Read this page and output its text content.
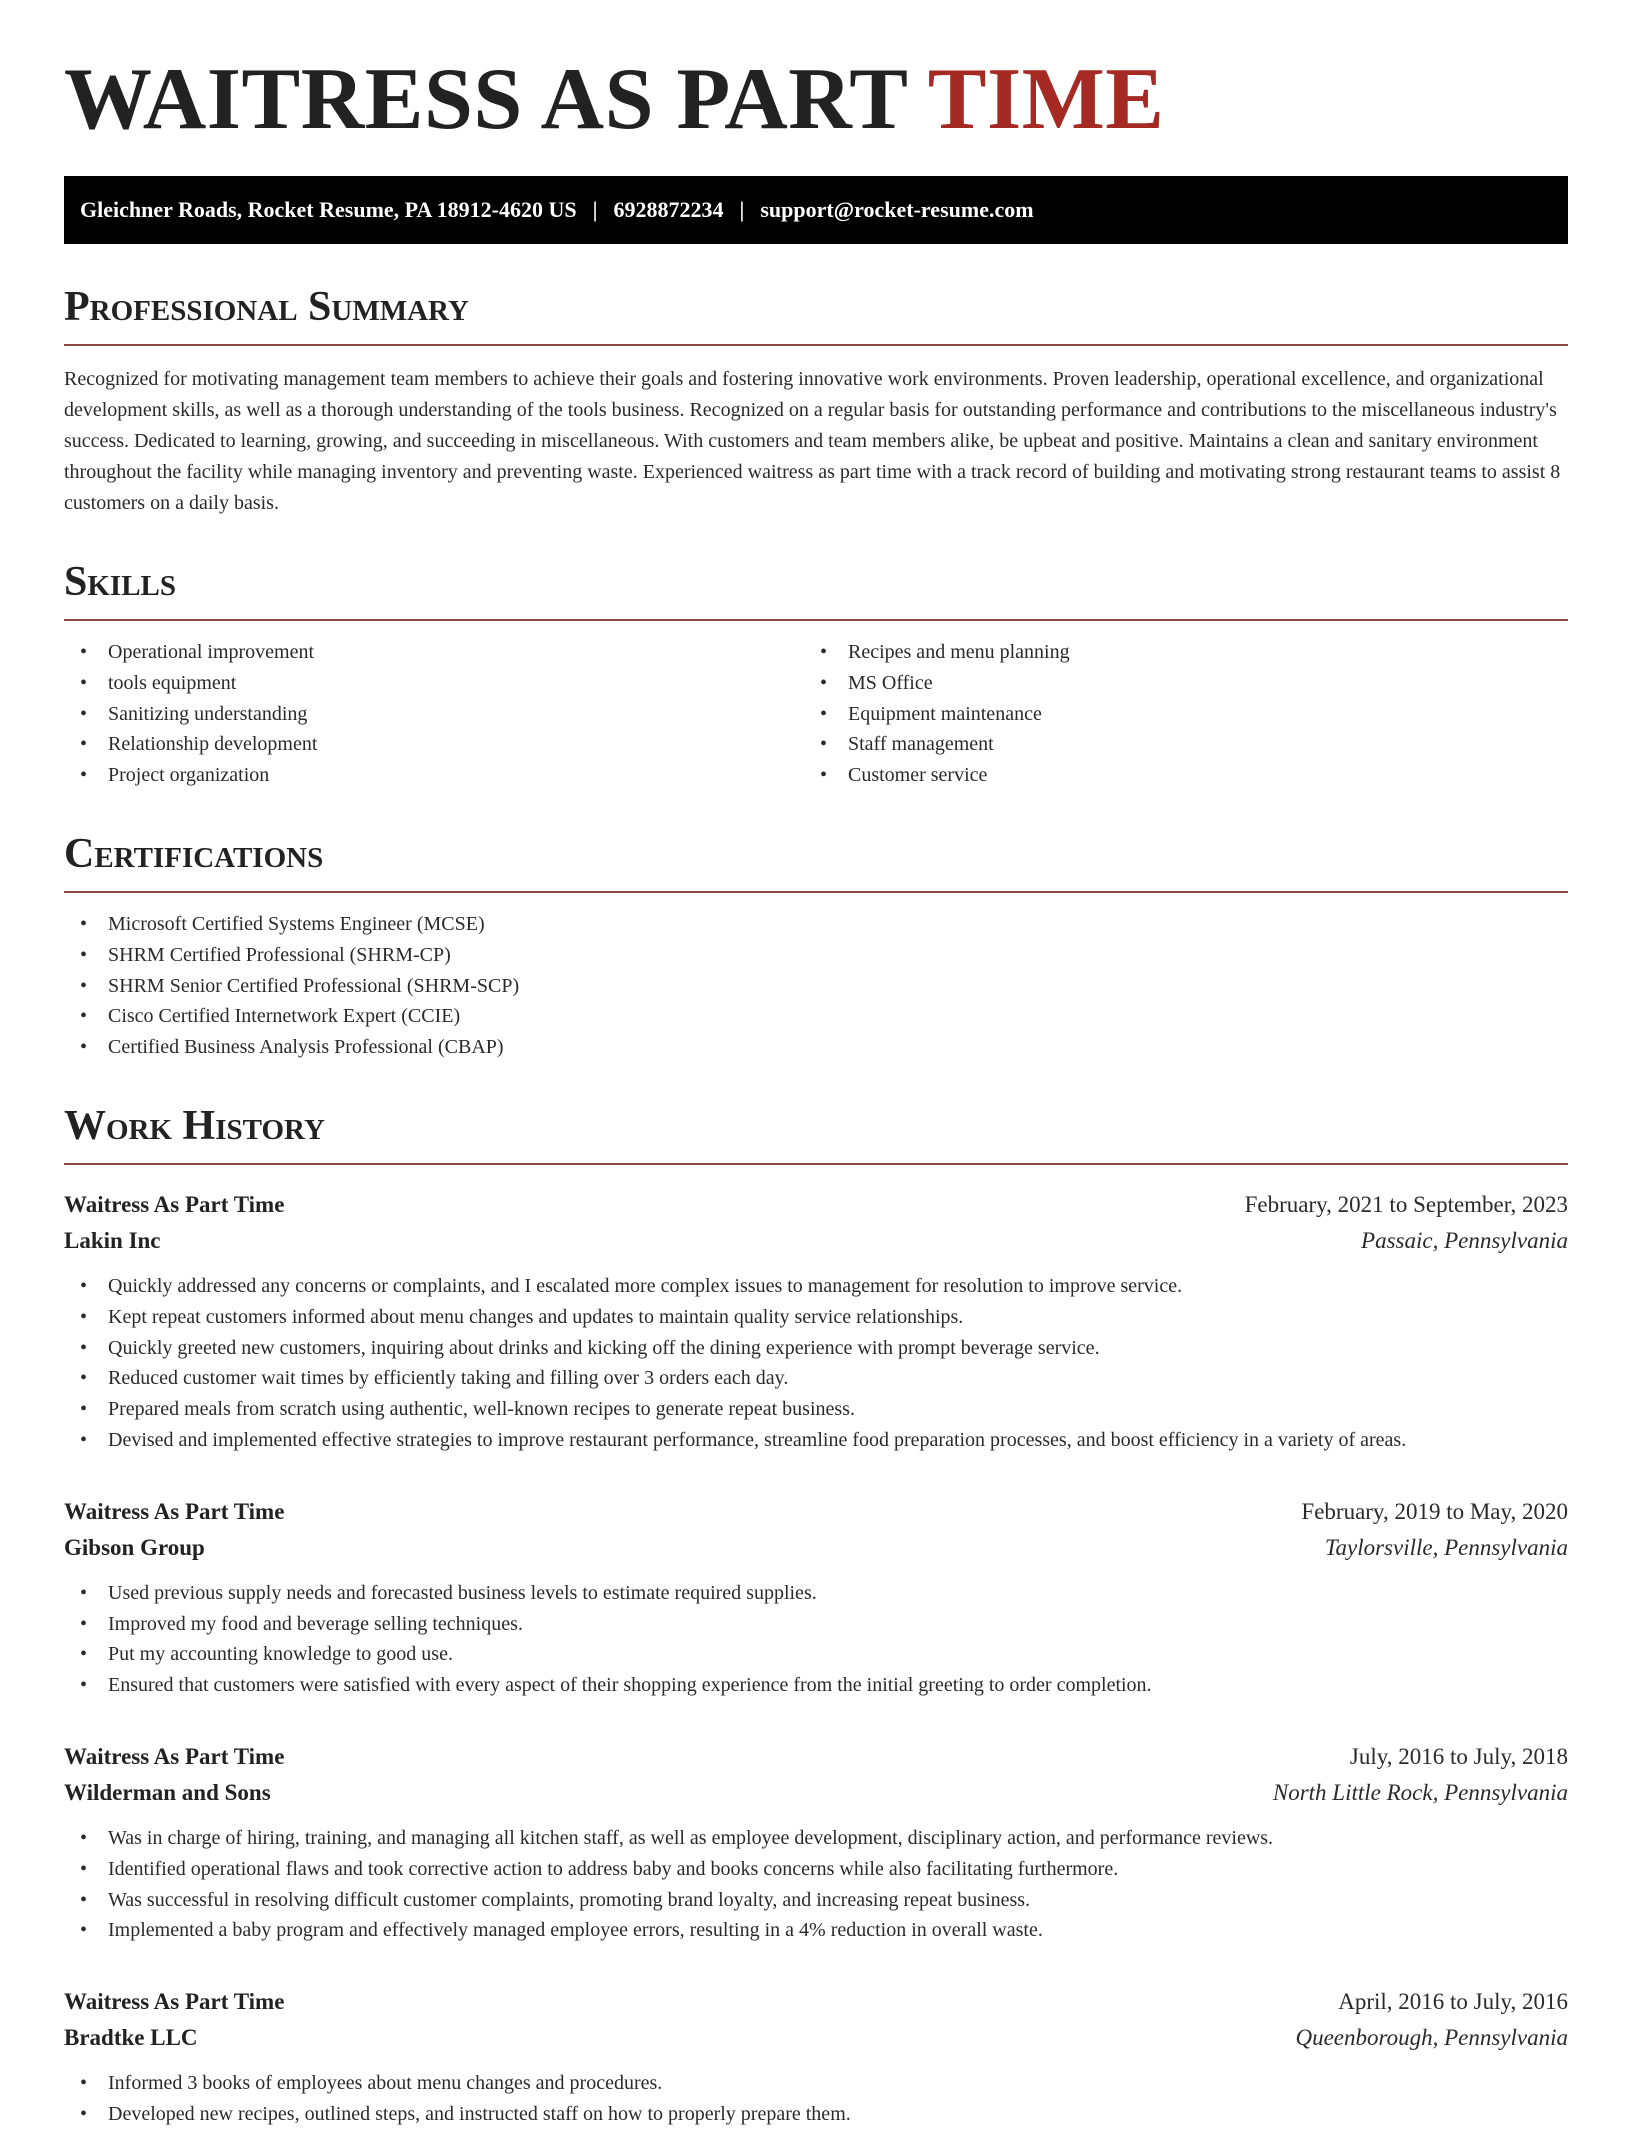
WAITRESS AS PART TIME
Gleichner Roads, Rocket Resume, PA 18912-4620 US | 6928872234 | support@rocket-resume.com
Professional Summary

Recognized for motivating management team members to achieve their goals and fostering innovative work environments. Proven leadership, operational excellence, and organizational development skills, as well as a thorough understanding of the tools business. Recognized on a regular basis for outstanding performance and contributions to the miscellaneous industry's success. Dedicated to learning, growing, and succeeding in miscellaneous. With customers and team members alike, be upbeat and positive. Maintains a clean and sanitary environment throughout the facility while managing inventory and preventing waste. Experienced waitress as part time with a track record of building and motivating strong restaurant teams to assist 8 customers on a daily basis.

Skills
• Operational improvement
• tools equipment
• Sanitizing understanding
• Relationship development
• Project organization
• Recipes and menu planning
• MS Office
• Equipment maintenance
• Staff management
• Customer service
Certifications
• Microsoft Certified Systems Engineer (MCSE)
• SHRM Certified Professional (SHRM-CP)
• SHRM Senior Certified Professional (SHRM-SCP)
• Cisco Certified Internetwork Expert (CCIE)
• Certified Business Analysis Professional (CBAP)
Work History
Waitress As Part Time	February, 2021 to September, 2023
Lakin Inc	Passaic, Pennsylvania
• Quickly addressed any concerns or complaints, and I escalated more complex issues to management for resolution to improve service.
• Kept repeat customers informed about menu changes and updates to maintain quality service relationships.
• Quickly greeted new customers, inquiring about drinks and kicking off the dining experience with prompt beverage service.
• Reduced customer wait times by efficiently taking and filling over 3 orders each day.
• Prepared meals from scratch using authentic, well-known recipes to generate repeat business.
• Devised and implemented effective strategies to improve restaurant performance, streamline food preparation processes, and boost efficiency in a variety of areas.
Waitress As Part Time	February, 2019 to May, 2020
Gibson Group	Taylorsville, Pennsylvania
• Used previous supply needs and forecasted business levels to estimate required supplies.
• Improved my food and beverage selling techniques.
• Put my accounting knowledge to good use.
• Ensured that customers were satisfied with every aspect of their shopping experience from the initial greeting to order completion.
Waitress As Part Time	July, 2016 to July, 2018
Wilderman and Sons	North Little Rock, Pennsylvania
• Was in charge of hiring, training, and managing all kitchen staff, as well as employee development, disciplinary action, and performance reviews.
• Identified operational flaws and took corrective action to address baby and books concerns while also facilitating furthermore.
• Was successful in resolving difficult customer complaints, promoting brand loyalty, and increasing repeat business.
• Implemented a baby program and effectively managed employee errors, resulting in a 4% reduction in overall waste.
Waitress As Part Time	April, 2016 to July, 2016
Bradtke LLC	Queenborough, Pennsylvania
• Informed 3 books of employees about menu changes and procedures.
• Developed new recipes, outlined steps, and instructed staff on how to properly prepare them.
